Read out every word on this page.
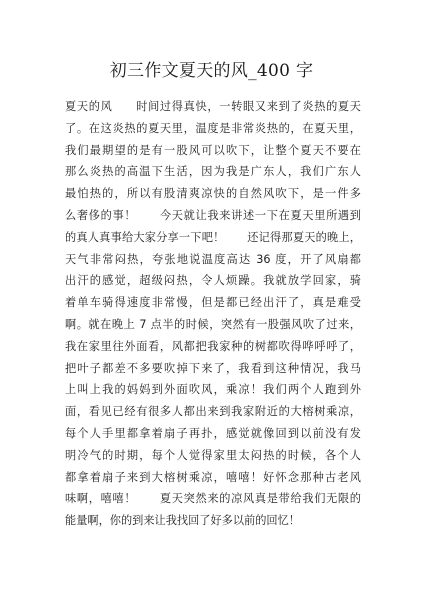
初三作文夏天的风_400 字
夏天的风　　时间过得真快，一转眼又来到了炎热的夏天
了。在这炎热的夏天里，温度是非常炎热的，在夏天里，
我们最期望的是有一股风可以吹下，让整个夏天不要在
那么炎热的高温下生活，因为我是广东人，我们广东人
最怕热的，所以有股清爽凉快的自然风吹下，是一件多
么奢侈的事！　　今天就让我来讲述一下在夏天里所遇到
的真人真事给大家分享一下吧！　　还记得那夏天的晚上，
天气非常闷热，夸张地说温度高达 36 度，开了风扇都
出汗的感觉，超级闷热，令人烦躁。我就放学回家，骑
着单车骑得速度非常慢，但是都已经出汗了，真是难受
啊。就在晚上 7 点半的时候，突然有一股强风吹了过来，
我在家里往外面看，风都把我家种的树都吹得哗呼呼了，
把叶子都差不多要吹掉下来了，我看到这种情况，我马
上叫上我的妈妈到外面吹风，乘凉！我们两个人跑到外
面，看见已经有很多人都出来到我家附近的大榕树乘凉，
每个人手里都拿着扇子再扑，感觉就像回到以前没有发
明冷气的时期，每个人觉得家里太闷热的时候，各个人
都拿着扇子来到大榕树乘凉，嘻嘻！好怀念那种古老风
味啊，嘻嘻！　　夏天突然来的凉风真是带给我们无限的
能量啊，你的到来让我找回了好多以前的回忆！
